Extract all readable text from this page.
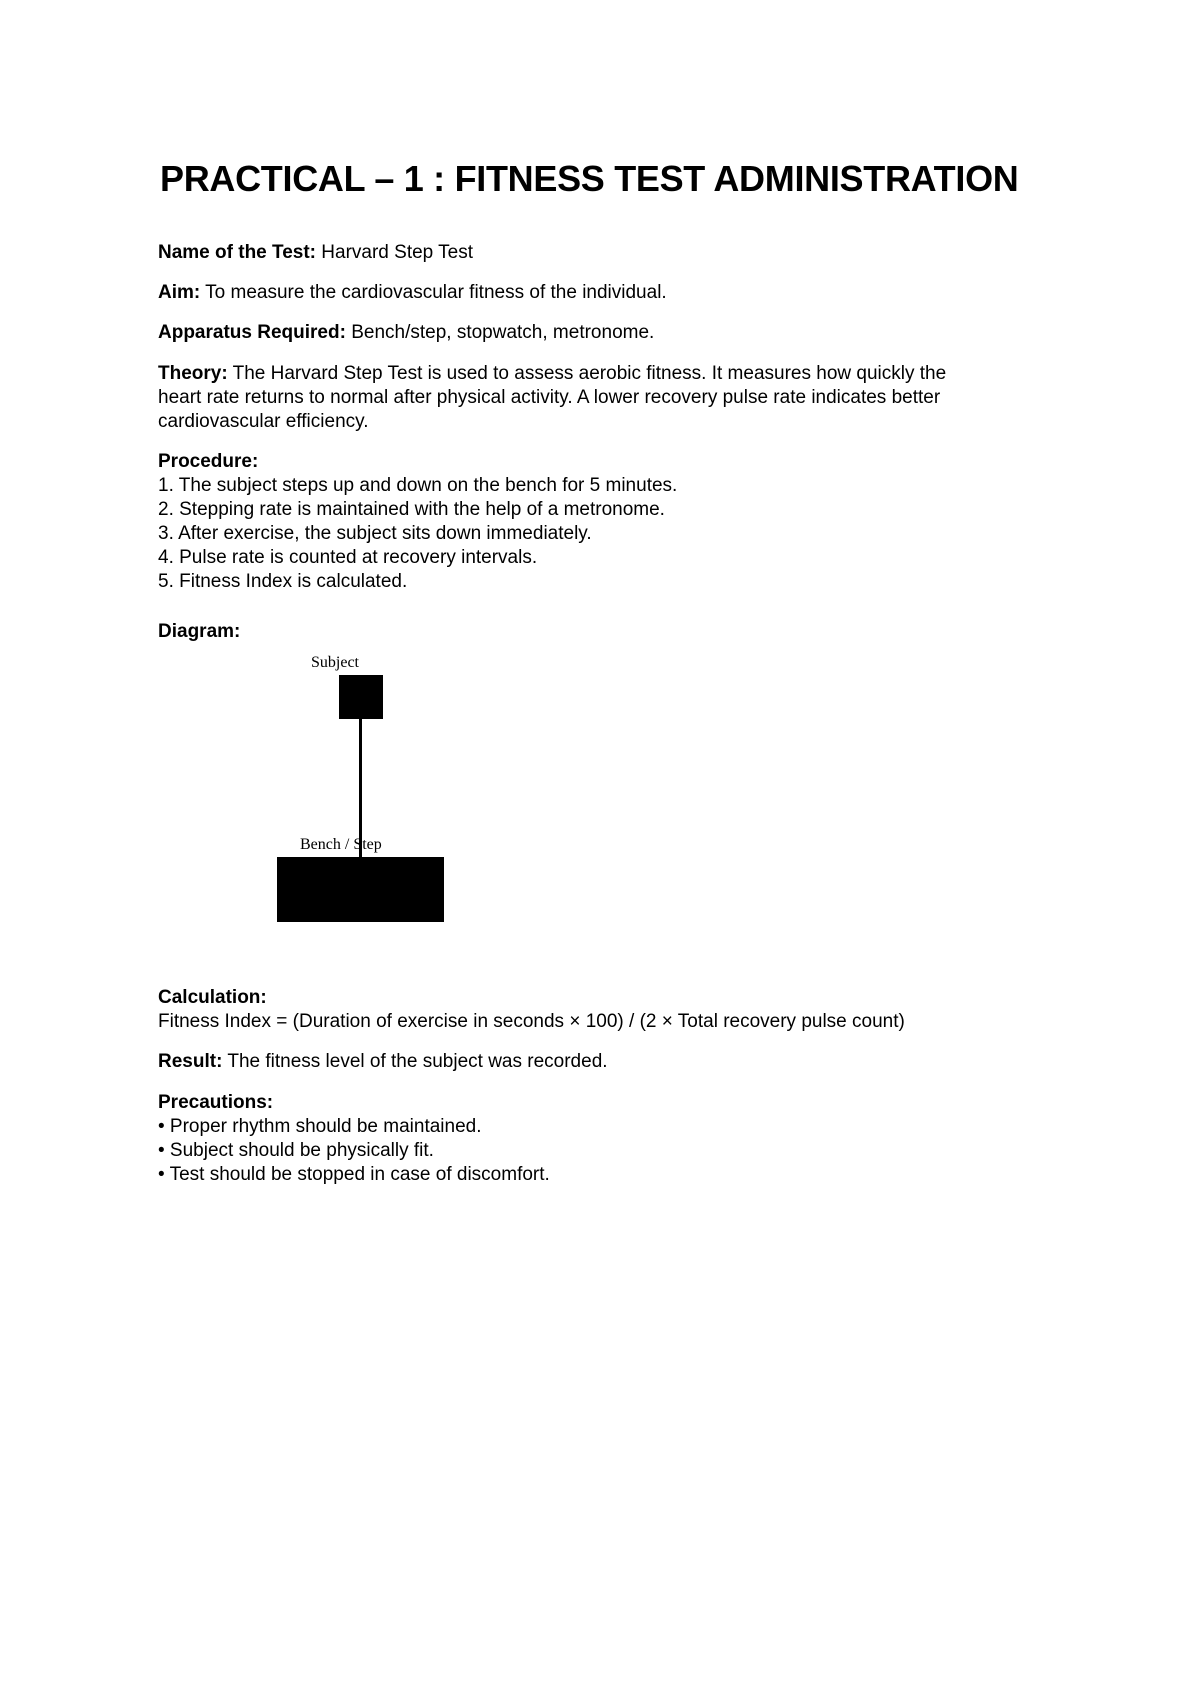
PRACTICAL – 1 : FITNESS TEST ADMINISTRATION
Name of the Test: Harvard Step Test
Aim: To measure the cardiovascular fitness of the individual.
Apparatus Required: Bench/step, stopwatch, metronome.
Theory: The Harvard Step Test is used to assess aerobic fitness. It measures how quickly the
heart rate returns to normal after physical activity. A lower recovery pulse rate indicates better
cardiovascular efficiency.
Procedure:
1. The subject steps up and down on the bench for 5 minutes.
2. Stepping rate is maintained with the help of a metronome.
3. After exercise, the subject sits down immediately.
4. Pulse rate is counted at recovery intervals.
5. Fitness Index is calculated.
Diagram:
Subject
Bench / Step
Calculation:
Fitness Index = (Duration of exercise in seconds × 100) / (2 × Total recovery pulse count)
Result: The fitness level of the subject was recorded.
Precautions:
• Proper rhythm should be maintained.
• Subject should be physically fit.
• Test should be stopped in case of discomfort.
